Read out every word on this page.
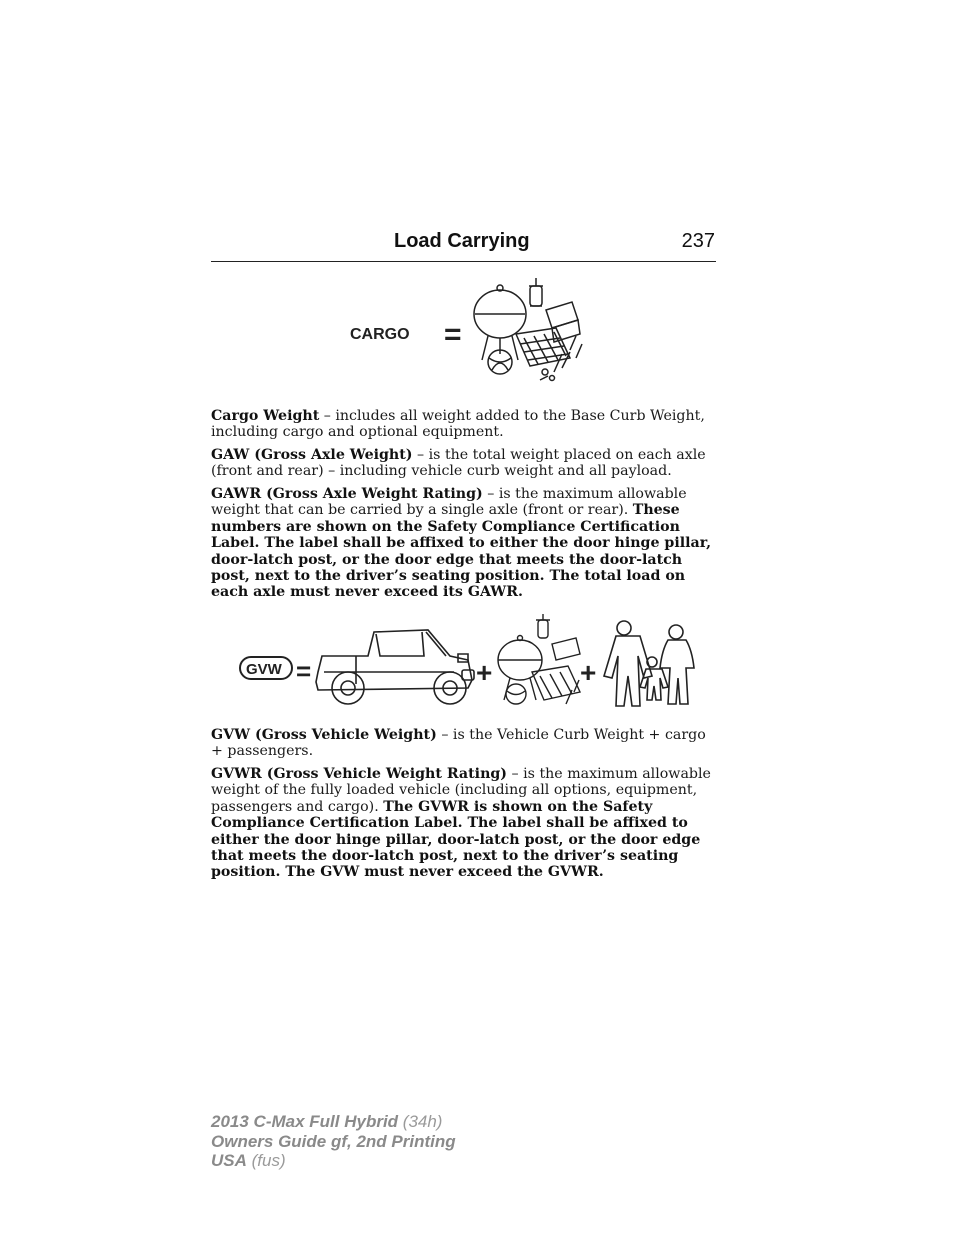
Load Carrying	237
CARGO =

Cargo Weight – includes all weight added to the Base Curb Weight, including cargo and optional equipment.

GAW (Gross Axle Weight) – is the total weight placed on each axle (front and rear) – including vehicle curb weight and all payload.

GAWR (Gross Axle Weight Rating) – is the maximum allowable weight that can be carried by a single axle (front or rear). These numbers are shown on the Safety Compliance Certification Label. The label shall be affixed to either the door hinge pillar, door-latch post, or the door edge that meets the door-latch post, next to the driver’s seating position. The total load on each axle must never exceed its GAWR.

GVW =	+	+

GVW (Gross Vehicle Weight) – is the Vehicle Curb Weight + cargo + passengers.

GVWR (Gross Vehicle Weight Rating) – is the maximum allowable weight of the fully loaded vehicle (including all options, equipment, passengers and cargo). The GVWR is shown on the Safety Compliance Certification Label. The label shall be affixed to either the door hinge pillar, door-latch post, or the door edge that meets the door-latch post, next to the driver’s seating position. The GVW must never exceed the GVWR.

2013 C-Max Full Hybrid (34h)
Owners Guide gf, 2nd Printing
USA (fus)
